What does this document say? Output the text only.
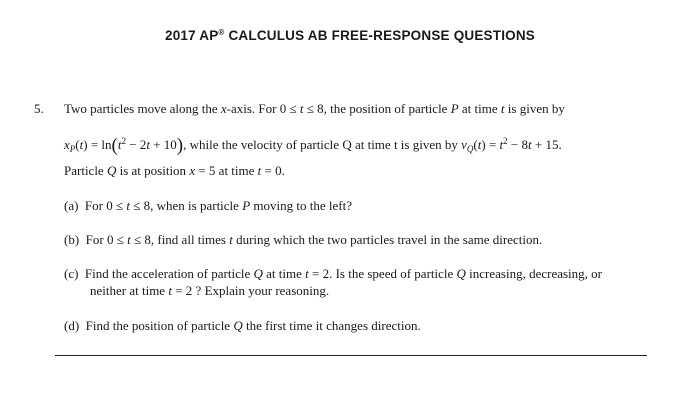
2017 AP® CALCULUS AB FREE-RESPONSE QUESTIONS
5. Two particles move along the x-axis. For 0 ≤ t ≤ 8, the position of particle P at time t is given by
$x_P(t) = \ln(t^2 - 2t + 10)$, while the velocity of particle Q at time t is given by $v_Q(t) = t^2 - 8t + 15$.
Particle Q is at position x = 5 at time t = 0.
(a)  For 0 ≤ t ≤ 8, when is particle P moving to the left?
(b)  For 0 ≤ t ≤ 8, find all times t during which the two particles travel in the same direction.
(c)  Find the acceleration of particle Q at time t = 2. Is the speed of particle Q increasing, decreasing, or
neither at time t = 2 ? Explain your reasoning.
(d)  Find the position of particle Q the first time it changes direction.
